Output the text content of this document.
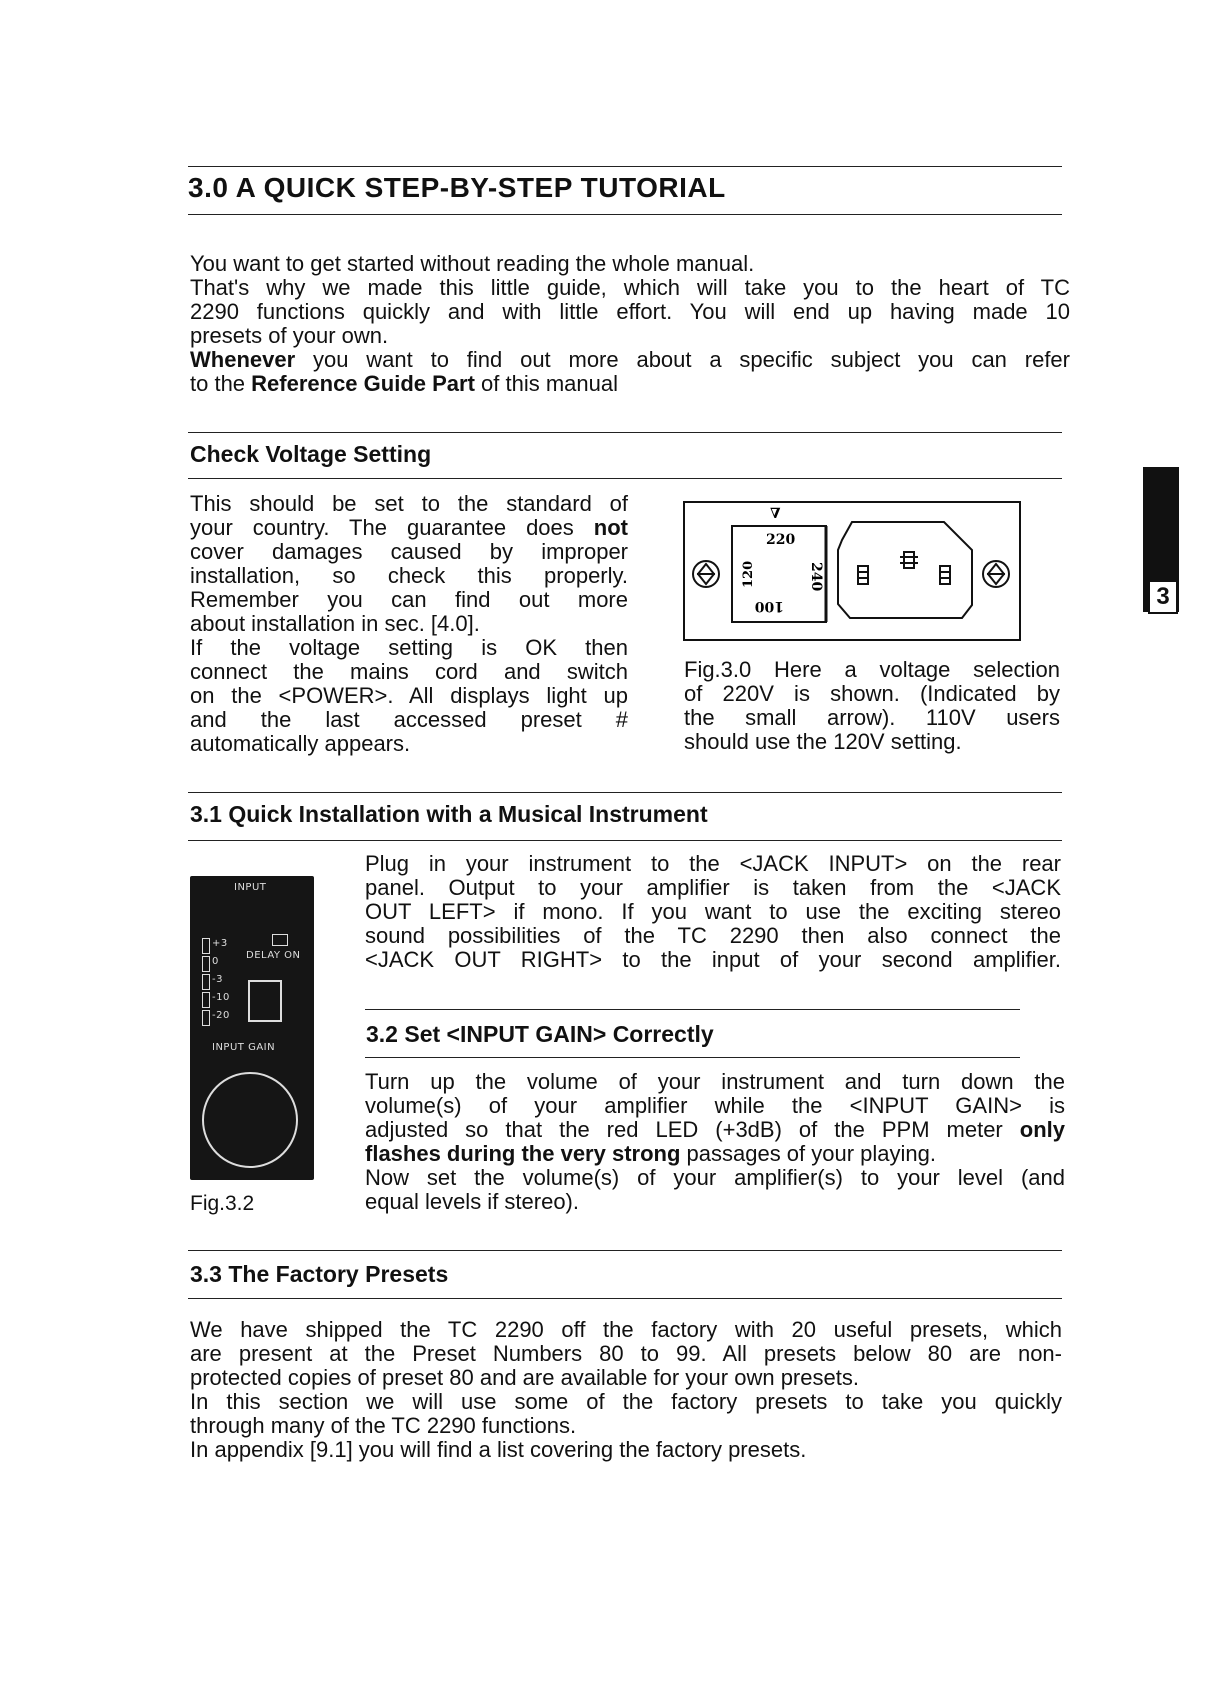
3.0 A QUICK STEP-BY-STEP TUTORIAL
You want to get started without reading the whole manual.
That's why we made this little guide, which will take you to the heart of TC
2290 functions quickly and with little effort. You will end up having made 10
presets of your own.
Whenever you want to find out more about a specific subject you can refer
to the Reference Guide Part of this manual
Check Voltage Setting
This should be set to the standard of
your country. The guarantee does not
cover damages caused by improper
installation, so check this properly.
Remember you can find out more
about installation in sec. [4.0].
If the voltage setting is OK then
connect the mains cord and switch
on the <POWER>. All displays light up
and the last accessed preset #
automatically appears.
∇
220
120	240
100
Fig.3.0 Here a voltage selection
of 220V is shown. (Indicated by
the small arrow). 110V users
should use the 120V setting.
3
3.1 Quick Installation with a Musical Instrument
INPUT
+3
0
-3
-10
-20
DELAY ON
INPUT GAIN
Fig.3.2
Plug in your instrument to the <JACK INPUT> on the rear
panel. Output to your amplifier is taken from the <JACK
OUT LEFT> if mono. If you want to use the exciting stereo
sound possibilities of the TC 2290 then also connect the
<JACK OUT RIGHT> to the input of your second amplifier.
3.2 Set <INPUT GAIN> Correctly
Turn up the volume of your instrument and turn down the
volume(s) of your amplifier while the <INPUT GAIN> is
adjusted so that the red LED (+3dB) of the PPM meter only
flashes during the very strong passages of your playing.
Now set the volume(s) of your amplifier(s) to your level (and
equal levels if stereo).
3.3 The Factory Presets
We have shipped the TC 2290 off the factory with 20 useful presets, which
are present at the Preset Numbers 80 to 99. All presets below 80 are non-
protected copies of preset 80 and are available for your own presets.
In this section we will use some of the factory presets to take you quickly
through many of the TC 2290 functions.
In appendix [9.1] you will find a list covering the factory presets.
